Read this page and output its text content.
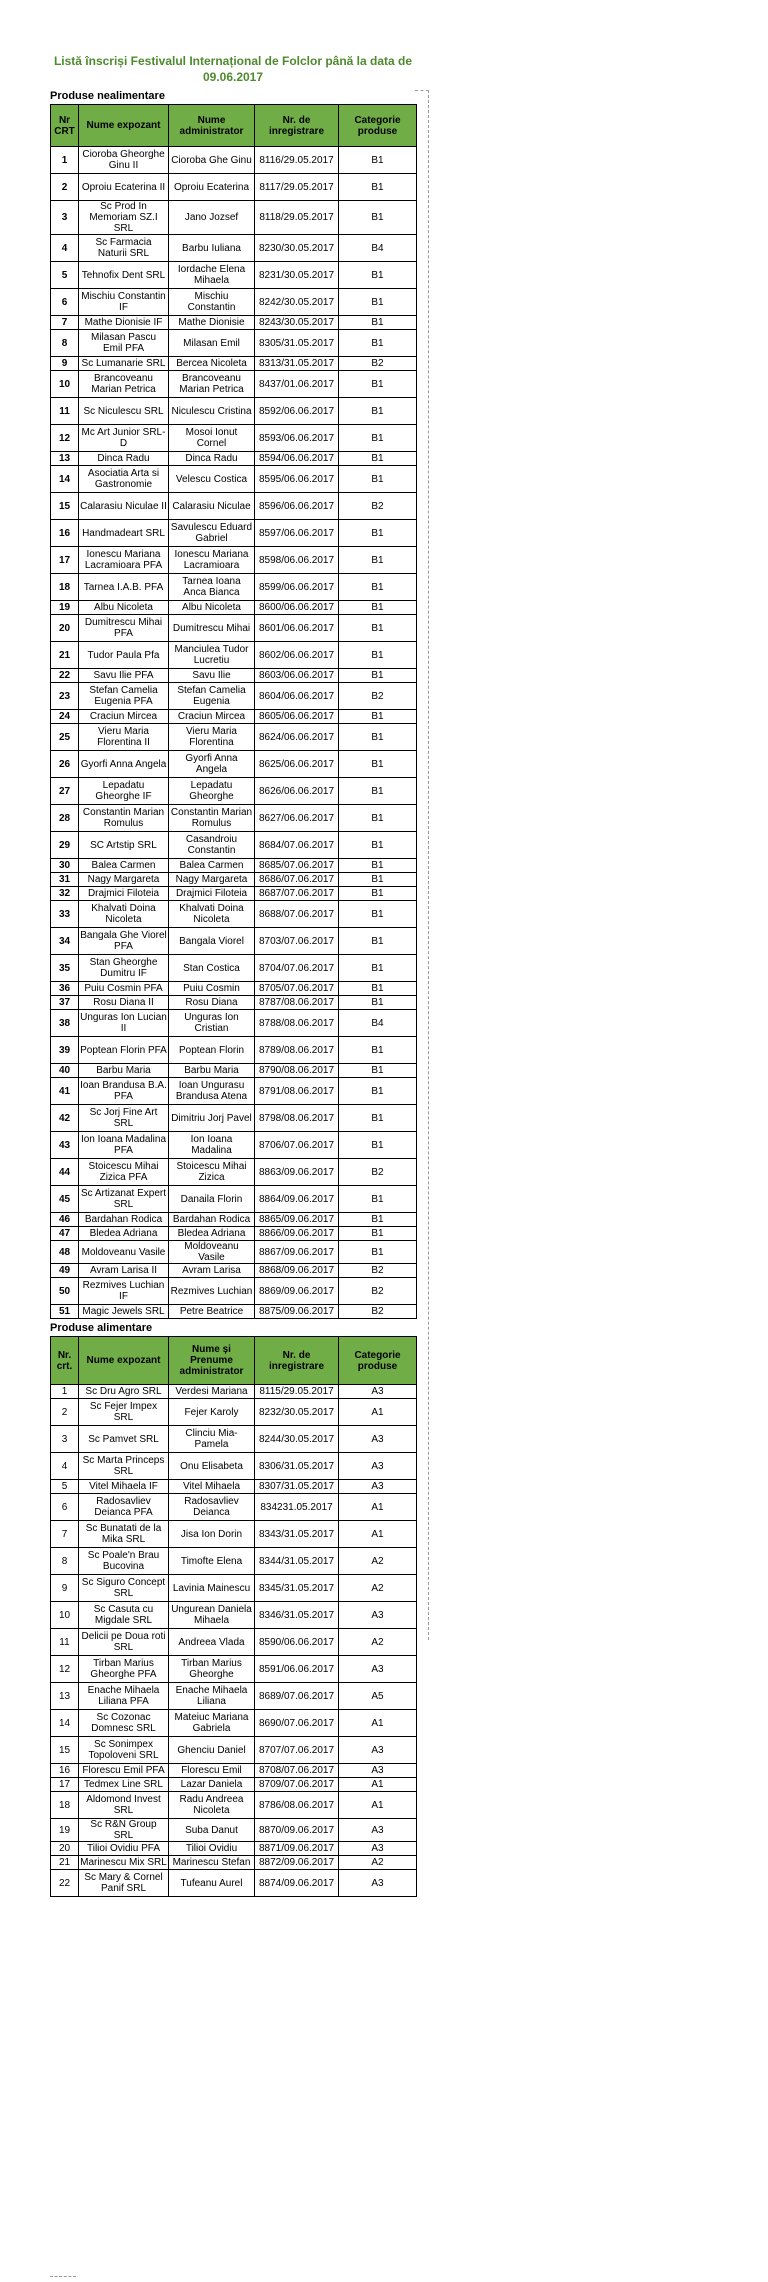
Listă înscriși Festivalul Internațional de Folclor până la data de 09.06.2017
Produse nealimentare
Nr CRT	Nume expozant	Nume administrator	Nr. de inregistrare	Categorie produse
1	Cioroba Gheorghe Ginu II	Cioroba Ghe Ginu	8116/29.05.2017	B1
2	Oproiu Ecaterina II	Oproiu Ecaterina	8117/29.05.2017	B1
3	Sc Prod In Memoriam SZ.I SRL	Jano Jozsef	8118/29.05.2017	B1
4	Sc Farmacia Naturii SRL	Barbu Iuliana	8230/30.05.2017	B4
5	Tehnofix Dent SRL	Iordache Elena Mihaela	8231/30.05.2017	B1
6	Mischiu Constantin IF	Mischiu Constantin	8242/30.05.2017	B1
7	Mathe Dionisie IF	Mathe Dionisie	8243/30.05.2017	B1
8	Milasan Pascu Emil PFA	Milasan Emil	8305/31.05.2017	B1
9	Sc Lumanarie SRL	Bercea Nicoleta	8313/31.05.2017	B2
10	Brancoveanu Marian Petrica	Brancoveanu Marian Petrica	8437/01.06.2017	B1
11	Sc Niculescu SRL	Niculescu Cristina	8592/06.06.2017	B1
12	Mc Art Junior SRL-D	Mosoi Ionut Cornel	8593/06.06.2017	B1
13	Dinca Radu	Dinca Radu	8594/06.06.2017	B1
14	Asociatia Arta si Gastronomie	Velescu Costica	8595/06.06.2017	B1
15	Calarasiu Niculae II	Calarasiu Niculae	8596/06.06.2017	B2
16	Handmadeart SRL	Savulescu Eduard Gabriel	8597/06.06.2017	B1
17	Ionescu Mariana Lacramioara PFA	Ionescu Mariana Lacramioara	8598/06.06.2017	B1
18	Tarnea I.A.B. PFA	Tarnea Ioana Anca Bianca	8599/06.06.2017	B1
19	Albu Nicoleta	Albu Nicoleta	8600/06.06.2017	B1
20	Dumitrescu Mihai PFA	Dumitrescu Mihai	8601/06.06.2017	B1
21	Tudor Paula Pfa	Manciulea Tudor Lucretiu	8602/06.06.2017	B1
22	Savu Ilie PFA	Savu Ilie	8603/06.06.2017	B1
23	Stefan Camelia Eugenia PFA	Stefan Camelia Eugenia	8604/06.06.2017	B2
24	Craciun Mircea	Craciun Mircea	8605/06.06.2017	B1
25	Vieru Maria Florentina II	Vieru Maria Florentina	8624/06.06.2017	B1
26	Gyorfi Anna Angela	Gyorfi Anna Angela	8625/06.06.2017	B1
27	Lepadatu Gheorghe IF	Lepadatu Gheorghe	8626/06.06.2017	B1
28	Constantin Marian Romulus	Constantin Marian Romulus	8627/06.06.2017	B1
29	SC Artstip SRL	Casandroiu Constantin	8684/07.06.2017	B1
30	Balea Carmen	Balea Carmen	8685/07.06.2017	B1
31	Nagy Margareta	Nagy Margareta	8686/07.06.2017	B1
32	Drajmici Filoteia	Drajmici Filoteia	8687/07.06.2017	B1
33	Khalvati Doina Nicoleta	Khalvati Doina Nicoleta	8688/07.06.2017	B1
34	Bangala Ghe Viorel PFA	Bangala Viorel	8703/07.06.2017	B1
35	Stan Gheorghe Dumitru IF	Stan Costica	8704/07.06.2017	B1
36	Puiu Cosmin PFA	Puiu Cosmin	8705/07.06.2017	B1
37	Rosu Diana II	Rosu Diana	8787/08.06.2017	B1
38	Unguras Ion Lucian II	Unguras Ion Cristian	8788/08.06.2017	B4
39	Poptean Florin PFA	Poptean Florin	8789/08.06.2017	B1
40	Barbu Maria	Barbu Maria	8790/08.06.2017	B1
41	Ioan Brandusa B.A. PFA	Ioan Ungurasu Brandusa Atena	8791/08.06.2017	B1
42	Sc Jorj Fine Art SRL	Dimitriu Jorj Pavel	8798/08.06.2017	B1
43	Ion Ioana Madalina PFA	Ion Ioana Madalina	8706/07.06.2017	B1
44	Stoicescu Mihai Zizica PFA	Stoicescu Mihai Zizica	8863/09.06.2017	B2
45	Sc Artizanat Expert SRL	Danaila Florin	8864/09.06.2017	B1
46	Bardahan Rodica	Bardahan Rodica	8865/09.06.2017	B1
47	Bledea Adriana	Bledea Adriana	8866/09.06.2017	B1
48	Moldoveanu Vasile	Moldoveanu Vasile	8867/09.06.2017	B1
49	Avram Larisa II	Avram Larisa	8868/09.06.2017	B2
50	Rezmives Luchian IF	Rezmives Luchian	8869/09.06.2017	B2
51	Magic Jewels SRL	Petre Beatrice	8875/09.06.2017	B2
Produse alimentare
Nr. crt.	Nume expozant	Nume și Prenume administrator	Nr. de inregistrare	Categorie produse
1	Sc Dru Agro SRL	Verdesi Mariana	8115/29.05.2017	A3
2	Sc Fejer Impex SRL	Fejer Karoly	8232/30.05.2017	A1
3	Sc Pamvet SRL	Clinciu Mia-Pamela	8244/30.05.2017	A3
4	Sc Marta Princeps SRL	Onu Elisabeta	8306/31.05.2017	A3
5	Vitel Mihaela IF	Vitel Mihaela	8307/31.05.2017	A3
6	Radosavliev Deianca PFA	Radosavliev Deianca	834231.05.2017	A1
7	Sc Bunatati de la Mika SRL	Jisa Ion Dorin	8343/31.05.2017	A1
8	Sc Poale'n Brau Bucovina	Timofte Elena	8344/31.05.2017	A2
9	Sc Siguro Concept SRL	Lavinia Mainescu	8345/31.05.2017	A2
10	Sc Casuta cu Migdale SRL	Ungurean Daniela Mihaela	8346/31.05.2017	A3
11	Delicii pe Doua roti SRL	Andreea Vlada	8590/06.06.2017	A2
12	Tirban Marius Gheorghe PFA	Tirban Marius Gheorghe	8591/06.06.2017	A3
13	Enache Mihaela Liliana PFA	Enache Mihaela Liliana	8689/07.06.2017	A5
14	Sc Cozonac Domnesc SRL	Mateiuc Mariana Gabriela	8690/07.06.2017	A1
15	Sc Sonimpex Topoloveni SRL	Ghenciu Daniel	8707/07.06.2017	A3
16	Florescu Emil PFA	Florescu Emil	8708/07.06.2017	A3
17	Tedmex Line SRL	Lazar Daniela	8709/07.06.2017	A1
18	Aldomond Invest SRL	Radu Andreea Nicoleta	8786/08.06.2017	A1
19	Sc R&N Group SRL	Suba Danut	8870/09.06.2017	A3
20	Tilioi Ovidiu PFA	Tilioi Ovidiu	8871/09.06.2017	A3
21	Marinescu Mix SRL	Marinescu Stefan	8872/09.06.2017	A2
22	Sc Mary & Cornel Panif SRL	Tufeanu Aurel	8874/09.06.2017	A3
